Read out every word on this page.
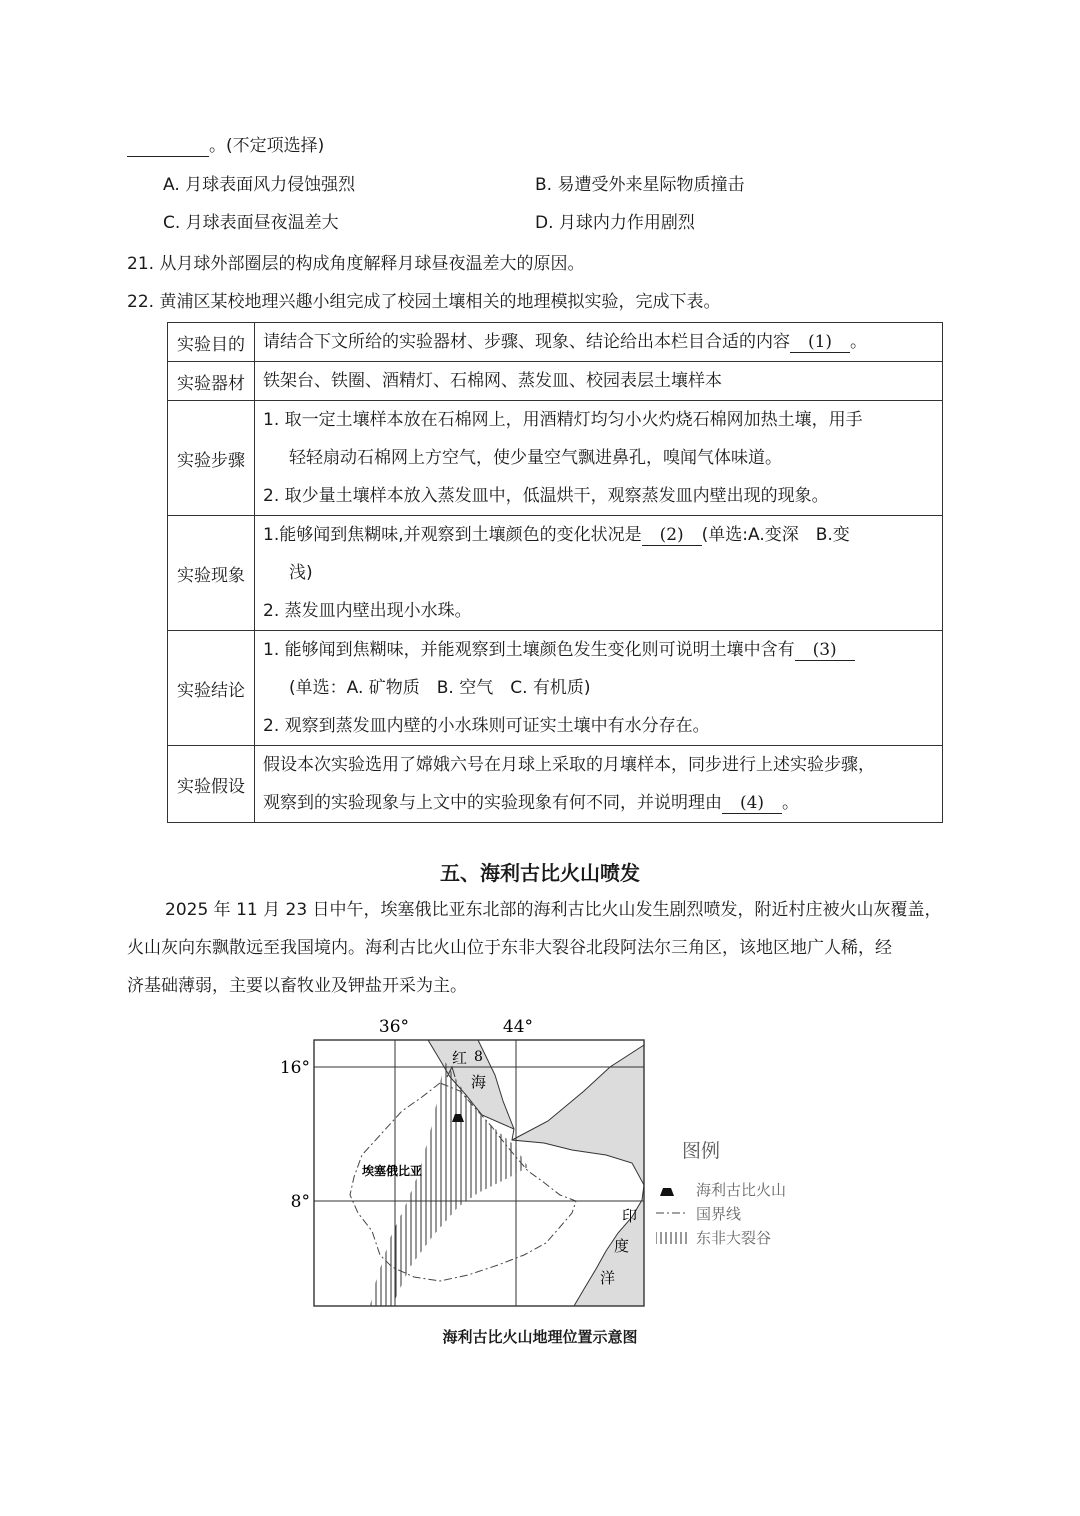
。(不定项选择)
A. 月球表面风力侵蚀强烈	B. 易遭受外来星际物质撞击
C. 月球表面昼夜温差大	D. 月球内力作用剧烈
21. 从月球外部圈层的构成角度解释月球昼夜温差大的原因。
22. 黄浦区某校地理兴趣小组完成了校园土壤相关的地理模拟实验，完成下表。
实验目的	请结合下文所给的实验器材、步骤、现象、结论给出本栏目合适的内容 (1) 。

实验器材	铁架台、铁圈、酒精灯、石棉网、蒸发皿、校园表层土壤样本

实验步骤	1. 取一定土壤样本放在石棉网上，用酒精灯均匀小火灼烧石棉网加热土壤，用手
轻轻扇动石棉网上方空气，使少量空气飘进鼻孔，嗅闻气体味道。
2. 取少量土壤样本放入蒸发皿中，低温烘干，观察蒸发皿内壁出现的现象。

实验现象	1.能够闻到焦糊味,并观察到土壤颜色的变化状况是 (2) (单选:A.变深　B.变
浅)
2. 蒸发皿内壁出现小水珠。

实验结论	1. 能够闻到焦糊味，并能观察到土壤颜色发生变化则可说明土壤中含有 (3)
(单选：A. 矿物质　B. 空气　C. 有机质)
2. 观察到蒸发皿内壁的小水珠则可证实土壤中有水分存在。

实验假设	假设本次实验选用了嫦娥六号在月球上采取的月壤样本，同步进行上述实验步骤，
观察到的实验现象与上文中的实验现象有何不同，并说明理由 (4) 。
五、海利古比火山喷发
2025 年 11 月 23 日中午，埃塞俄比亚东北部的海利古比火山发生剧烈喷发，附近村庄被火山灰覆盖，
火山灰向东飘散远至我国境内。海利古比火山位于东非大裂谷北段阿法尔三角区，该地区地广人稀，经
济基础薄弱，主要以畜牧业及钾盐开采为主。
36°	44°
16°
8°
红 8
海
埃塞俄比亚
印
度
洋
图例
海利古比火山
国界线
东非大裂谷
海利古比火山地理位置示意图
